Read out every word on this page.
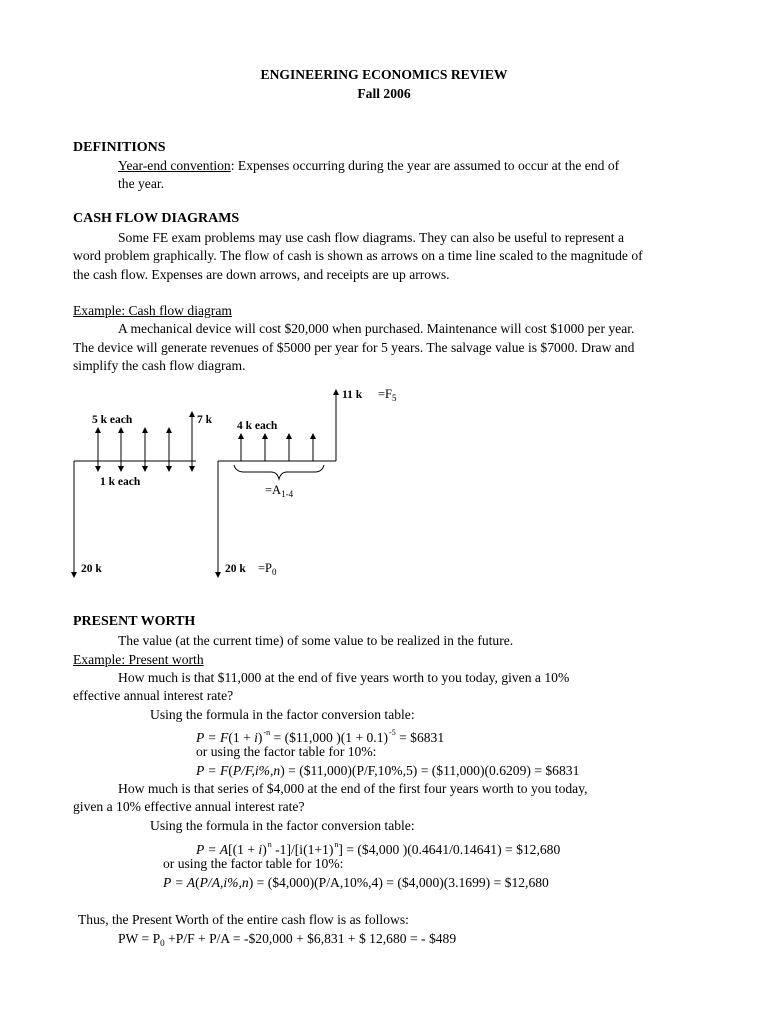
ENGINEERING ECONOMICS REVIEW
Fall 2006
DEFINITIONS
Year-end convention: Expenses occurring during the year are assumed to occur at the end of
the year.
CASH FLOW DIAGRAMS
Some FE exam problems may use cash flow diagrams. They can also be useful to represent a
word problem graphically. The flow of cash is shown as arrows on a time line scaled to the magnitude of
the cash flow. Expenses are down arrows, and receipts are up arrows.
Example: Cash flow diagram
A mechanical device will cost $20,000 when purchased. Maintenance will cost $1000 per year.
The device will generate revenues of $5000 per year for 5 years. The salvage value is $7000. Draw and
simplify the cash flow diagram.
5 k each	7 k
1 k each
20 k
4 k each
11 $k =F_5$
$=A_{1-4}$
20 $k =P_0$
PRESENT WORTH
The value (at the current time) of some value to be realized in the future.
Example: Present worth
How much is that $11,000 at the end of five years worth to you today, given a 10%
effective annual interest rate?
Using the formula in the factor conversion table:
$P = F(1 + i)^{-n}$ = ($11,000 )$(1 + 0.1)^{-5}$ = $6831
or using the factor table for 10%:
P = F(P/F,i%,n) = ($11,000)(P/F,10%,5) = ($11,000)(0.6209) = $6831
How much is that series of $4,000 at the end of the first four years worth to you today,
given a 10% effective annual interest rate?
Using the formula in the factor conversion table:
$P = A[(1 + i)^n$ $-1]/[i(1+1)^n]$ = ($4,000 )(0.4641/0.14641) = $12,680
or using the factor table for 10%:
P = A(P/A,i%,n) = ($4,000)(P/A,10%,4) = ($4,000)(3.1699) = $12,680
Thus, the Present Worth of the entire cash flow is as follows:
PW = $P_0 +P/F + P/A$ = -$20,000 + $6,831 + $ 12,680 = - $489
